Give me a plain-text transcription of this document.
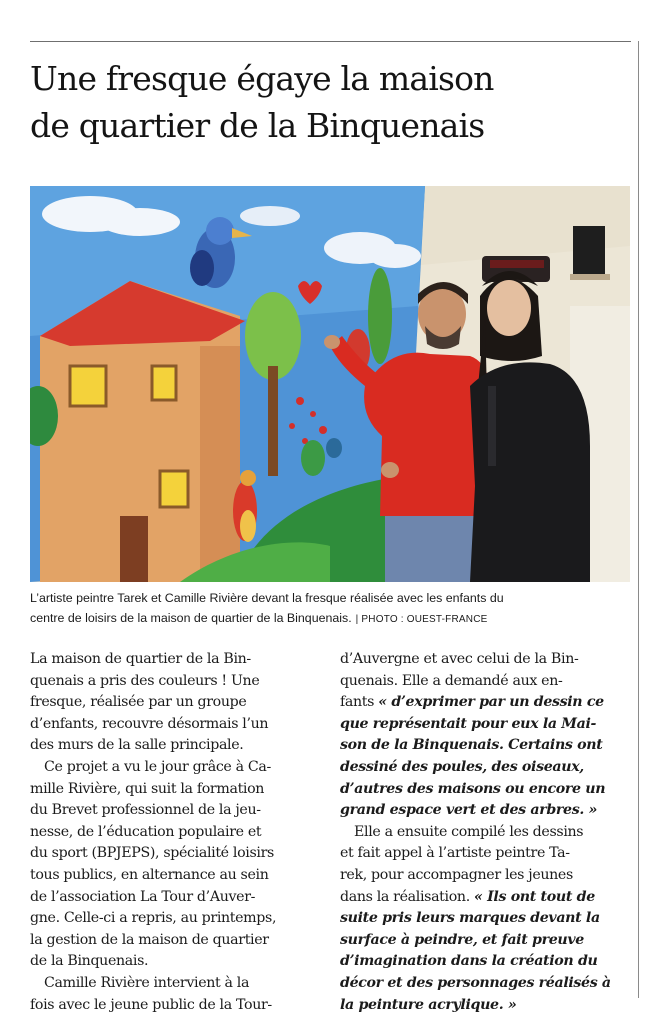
Une fresque égaye la maison
de quartier de la Binquenais
L’artiste peintre Tarek et Camille Rivière devant la fresque réalisée avec les enfants du
centre de loisirs de la maison de quartier de la Binquenais. | PHOTO : OUEST-FRANCE
La maison de quartier de la Bin-
quenais a pris des couleurs ! Une
fresque, réalisée par un groupe
d’enfants, recouvre désormais l’un
des murs de la salle principale.
Ce projet a vu le jour grâce à Ca-
mille Rivière, qui suit la formation
du Brevet professionnel de la jeu-
nesse, de l’éducation populaire et
du sport (BPJEPS), spécialité loisirs
tous publics, en alternance au sein
de l’association La Tour d’Auver-
gne. Celle-ci a repris, au printemps,
la gestion de la maison de quartier
de la Binquenais.
Camille Rivière intervient à la
fois avec le jeune public de la Tour-
d’Auvergne et avec celui de la Bin-
quenais. Elle a demandé aux en-
fants « d’exprimer par un dessin ce
que représentait pour eux la Mai-
son de la Binquenais. Certains ont
dessiné des poules, des oiseaux,
d’autres des maisons ou encore un
grand espace vert et des arbres. »
Elle a ensuite compilé les dessins
et fait appel à l’artiste peintre Ta-
rek, pour accompagner les jeunes
dans la réalisation. « Ils ont tout de
suite pris leurs marques devant la
surface à peindre, et fait preuve
d’imagination dans la création du
décor et des personnages réalisés à
la peinture acrylique. »
